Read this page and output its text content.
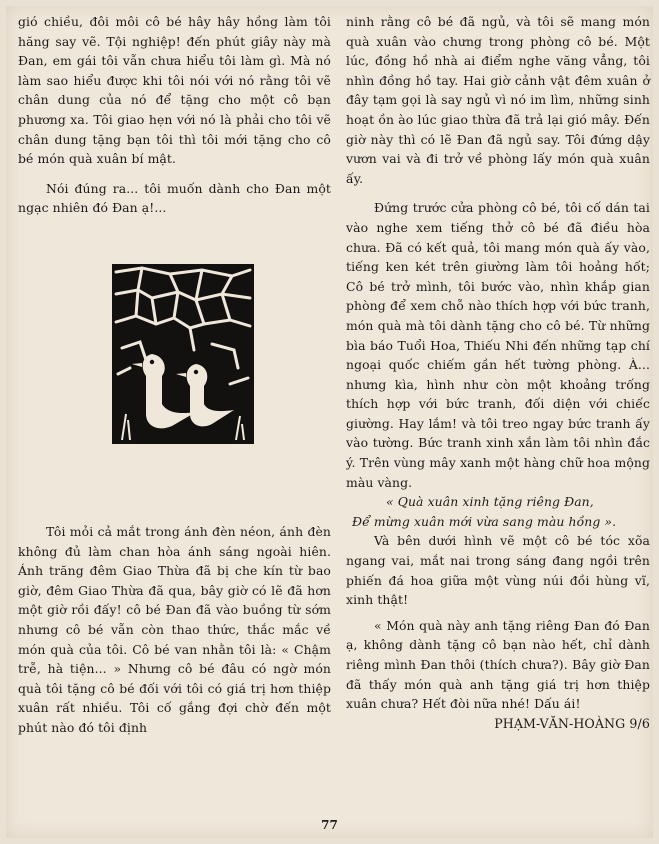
gió chiều, đôi môi cô bé hây hây hồng làm tôi hăng say vẽ. Tội nghiệp! đến phút giây này mà Đan, em gái tôi vẫn chưa hiểu tôi làm gì. Mà nó làm sao hiểu được khi tôi nói với nó rằng tôi vẽ chân dung của nó để tặng cho một cô bạn phương xa. Tôi giao hẹn với nó là phải cho tôi vẽ chân dung tặng bạn tôi thì tôi mới tặng cho cô bé món quà xuân bí mật.

Nói đúng ra... tôi muốn dành cho Đan một ngạc nhiên đó Đan ạ!...

Tôi mỏi cả mắt trong ánh đèn néon, ánh đèn không đủ làm chan hòa ánh sáng ngoài hiên. Ánh trăng đêm Giao Thừa đã bị che kín từ bao giờ, đêm Giao Thừa đã qua, bây giờ có lẽ đã hơn một giờ rồi đấy! cô bé Đan đã vào buồng từ sớm nhưng cô bé vẫn còn thao thức, thắc mắc về món quà của tôi. Cô bé van nhằn tôi là: « Chậm trễ, hà tiện... » Nhưng cô bé đâu có ngờ món quà tôi tặng cô bé đối với tôi có giá trị hơn thiệp xuân rất nhiều. Tôi cố gắng đợi chờ đến một phút nào đó tôi định

ninh rằng cô bé đã ngủ, và tôi sẽ mang món quà xuân vào chưng trong phòng cô bé. Một lúc, đồng hồ nhà ai điểm nghe văng vẳng, tôi nhìn đồng hồ tay. Hai giờ cảnh vật đêm xuân ở đây tạm gọi là say ngủ vì nó im lìm, những sinh hoạt ồn ào lúc giao thừa đã trả lại gió mây. Đến giờ này thì có lẽ Đan đã ngủ say. Tôi đứng dậy vươn vai và đi trở về phòng lấy món quà xuân ấy.

Đứng trước cửa phòng cô bé, tôi cố dán tai vào nghe xem tiếng thở cô bé đã điều hòa chưa. Đã có kết quả, tôi mang món quà ấy vào, tiếng ken két trên giường làm tôi hoảng hốt; Cô bé trở mình, tôi bước vào, nhìn khắp gian phòng để xem chỗ nào thích hợp với bức tranh, món quà mà tôi dành tặng cho cô bé. Từ những bìa báo Tuổi Hoa, Thiếu Nhi đến những tạp chí ngoại quốc chiếm gần hết tường phòng. À... nhưng kìa, hình như còn một khoảng trống thích hợp với bức tranh, đối diện với chiếc giường. Hay lắm! và tôi treo ngay bức tranh ấy vào tường. Bức tranh xinh xắn làm tôi nhìn đắc ý. Trên vùng mây xanh một hàng chữ hoa mộng màu vàng.

« Quà xuân xinh tặng riêng Đan,
Để mừng xuân mới vừa sang màu hồng ».

Và bên dưới hình vẽ một cô bé tóc xõa ngang vai, mắt nai trong sáng đang ngồi trên phiến đá hoa giữa một vùng núi đồi hùng vĩ, xinh thật!

« Món quà này anh tặng riêng Đan đó Đan ạ, không dành tặng cô bạn nào hết, chỉ dành riêng mình Đan thôi (thích chưa?). Bây giờ Đan đã thấy món quà anh tặng giá trị hơn thiệp xuân chưa? Hết đòi nữa nhé! Dấu ái!

PHẠM-VĂN-HOÀNG 9/6

77
